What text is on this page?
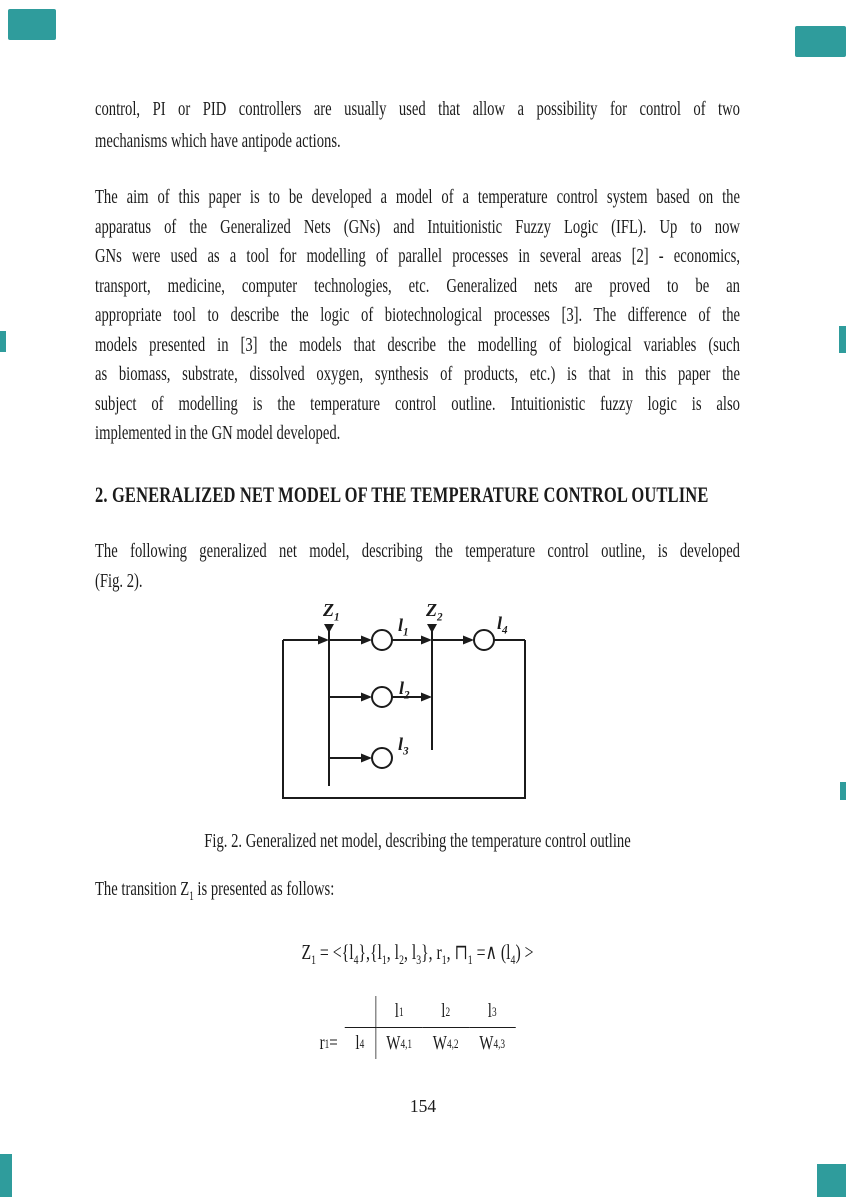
control, PI or PID controllers are usually used that allow a possibility for control of two
mechanisms which have antipode actions.
The aim of this paper is to be developed a model of a temperature control system based on the
apparatus of the Generalized Nets (GNs) and Intuitionistic Fuzzy Logic (IFL). Up to now
GNs were used as a tool for modelling of parallel processes in several areas [2] - economics,
transport, medicine, computer technologies, etc. Generalized nets are proved to be an
appropriate tool to describe the logic of biotechnological processes [3]. The difference of the
models presented in [3] the models that describe the modelling of biological variables (such
as biomass, substrate, dissolved oxygen, synthesis of products, etc.) is that in this paper the
subject of modelling is the temperature control outline. Intuitionistic fuzzy logic is also
implemented in the GN model developed.
2. GENERALIZED NET MODEL OF THE TEMPERATURE CONTROL OUTLINE
The following generalized net model, describing the temperature control outline, is developed
(Fig. 2).
$Z_1$	$Z_2$
$l_1$
$l_2$
$l_3$
$l_4$
Fig. 2. Generalized net model, describing the temperature control outline
The transition $Z_1$ is presented as follows:
$Z_1 = <\{l_4\},\{l_1$, $l_2$, $l_3$}, $r_1$, $⊓_1$ =∧ $(l_4)$ >
r 1 =
l 1 l 2 l 3
l 4 W 4,1 W 4,2 W 4,3
154
